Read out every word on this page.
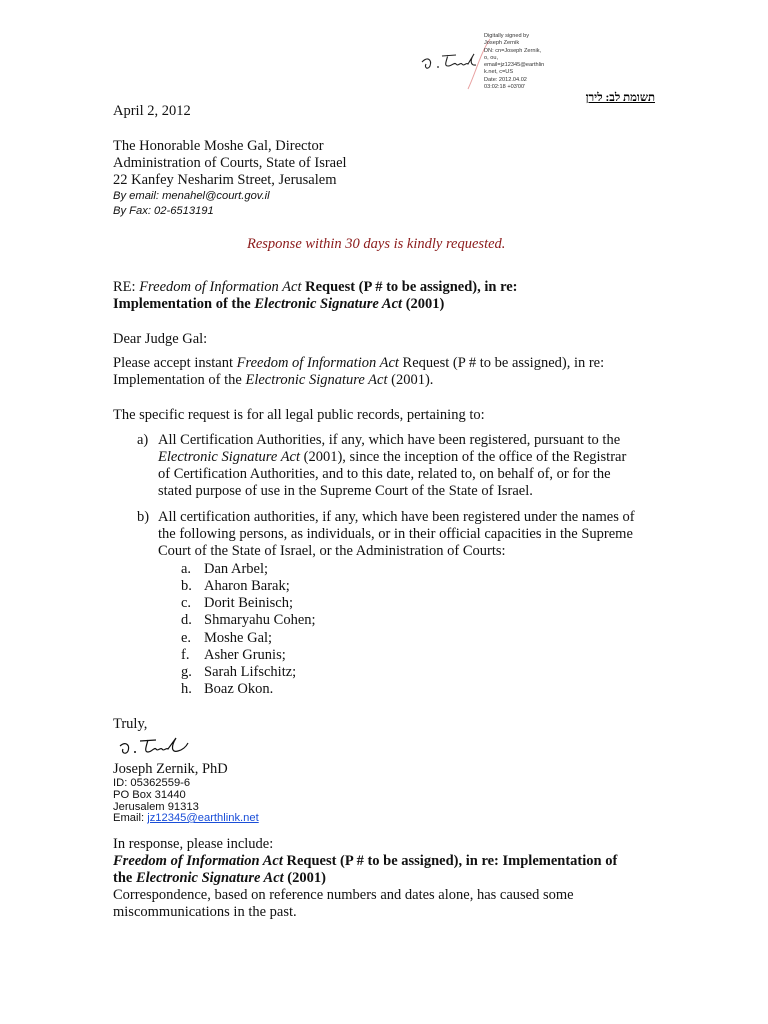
Digitally signed by
Joseph Zernik
DN: cn=Joseph Zernik,
o, ou,
email=jz12345@earthlin
k.net, c=US
Date: 2012.04.02
03:02:18 +03'00'
תשומת לב: לירן
April 2, 2012
The Honorable Moshe Gal, Director
Administration of Courts, State of Israel
22 Kanfey Nesharim Street, Jerusalem
By email: menahel@court.gov.il
By Fax: 02-6513191
Response within 30 days is kindly requested.
RE: Freedom of Information Act Request (P # to be assigned), in re:
Implementation of the Electronic Signature Act (2001)
Dear Judge Gal:
Please accept instant Freedom of Information Act Request (P # to be assigned), in re:
Implementation of the Electronic Signature Act (2001).
The specific request is for all legal public records, pertaining to:
a) All Certification Authorities, if any, which have been registered, pursuant to the
Electronic Signature Act (2001), since the inception of the office of the Registrar
of Certification Authorities, and to this date, related to, on behalf of, or for the
stated purpose of use in the Supreme Court of the State of Israel.
b) All certification authorities, if any, which have been registered under the names of
the following persons, as individuals, or in their official capacities in the Supreme
Court of the State of Israel, or the Administration of Courts:
a. Dan Arbel;
b. Aharon Barak;
c. Dorit Beinisch;
d. Shmaryahu Cohen;
e. Moshe Gal;
f. Asher Grunis;
g. Sarah Lifschitz;
h. Boaz Okon.
Truly,
Joseph Zernik, PhD
ID: 05362559-6
PO Box 31440
Jerusalem 91313
Email: jz12345@earthlink.net
In response, please include:
Freedom of Information Act Request (P # to be assigned), in re: Implementation of
the Electronic Signature Act (2001)
Correspondence, based on reference numbers and dates alone, has caused some
miscommunications in the past.
